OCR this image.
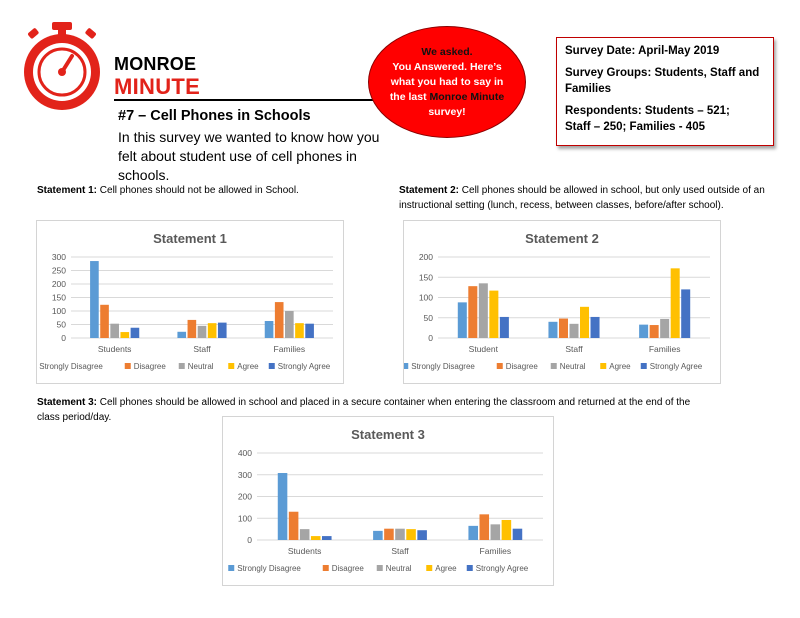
MONROE
MINUTE
#7 – Cell Phones in Schools
In this survey we wanted to know how you felt about student use of cell phones in schools.
We asked.
You Answered. Here’s what you had to say in the last Monroe Minute survey!

Survey Date: April-May 2019

Survey Groups: Students, Staff and Families

Respondents: Students – 521;
Staff – 250; Families - 405

Statement 1: Cell phones should not be allowed in School.	Statement 2: Cell phones should be allowed in school, but only used outside of an instructional setting (lunch, recess, between classes, before/after school).
Statement 3: Cell phones should be allowed in school and placed in a secure container when entering the classroom and returned at the end of the class period/day.
Statement 1
0
50
100
150
200
250
300
Students	Staff	Families
Strongly Disagree	Disagree	Neutral	Agree Strongly Agree
Statement 2
0
50
100
150
200
Student	Staff	Families
Strongly Disagree	Disagree	Neutral	Agree Strongly Agree
Statement 3
0
100
200
300
400
Students	Staff	Families
Strongly Disagree	Disagree	Neutral	Agree Strongly Agree
